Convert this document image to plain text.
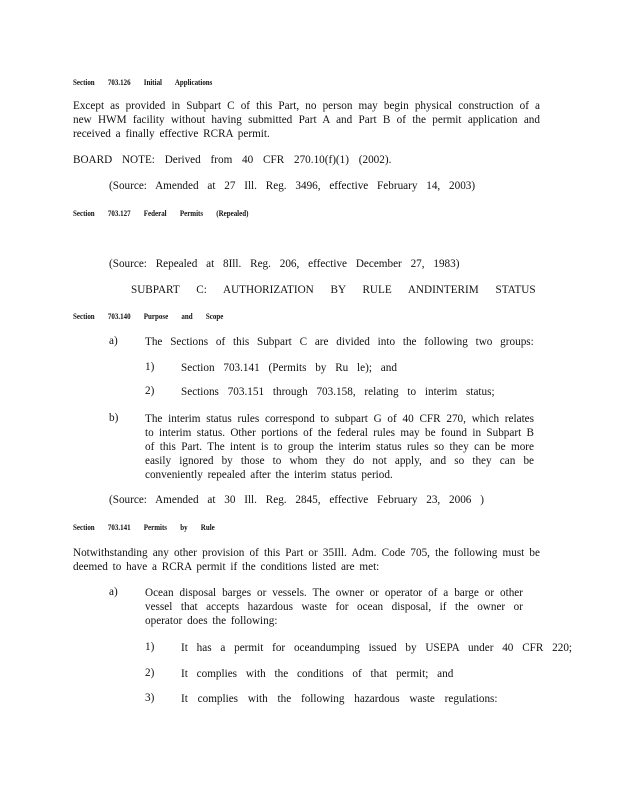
Section 703.126 Initial Applications
Except as provided in Subpart C of this Part, no person may begin physical construction of a new HWM facility without having submitted Part A and Part B of the permit application and received a finally effective RCRA permit.
BOARD NOTE: Derived from 40 CFR 270.10(f)(1) (2002).
(Source: Amended at 27 Ill. Reg. 3496, effective February 14, 2003)
Section 703.127 Federal Permits (Repealed)
(Source: Repealed at 8Ill. Reg. 206, effective December 27, 1983)
SUBPART C: AUTHORIZATION BY RULE ANDINTERIM STATUS
Section 703.140 Purpose and Scope
a) The Sections of this Subpart C are divided into the following two groups:
1) Section 703.141 (Permits by Ru le); and
2) Sections 703.151 through 703.158, relating to interim status;
b) The interim status rules correspond to subpart G of 40 CFR 270, which relates to interim status. Other portions of the federal rules may be found in Subpart B of this Part. The intent is to group the interim status rules so they can be more easily ignored by those to whom they do not apply, and so they can be conveniently repealed after the interim status period.
(Source: Amended at 30 Ill. Reg. 2845, effective February 23, 2006 )
Section 703.141 Permits by Rule
Notwithstanding any other provision of this Part or 35Ill. Adm. Code 705, the following must be deemed to have a RCRA permit if the conditions listed are met:
a) Ocean disposal barges or vessels. The owner or operator of a barge or other vessel that accepts hazardous waste for ocean disposal, if the owner or operator does the following:
1) It has a permit for oceandumping issued by USEPA under 40 CFR 220;
2) It complies with the conditions of that permit; and
3) It complies with the following hazardous waste regulations:
